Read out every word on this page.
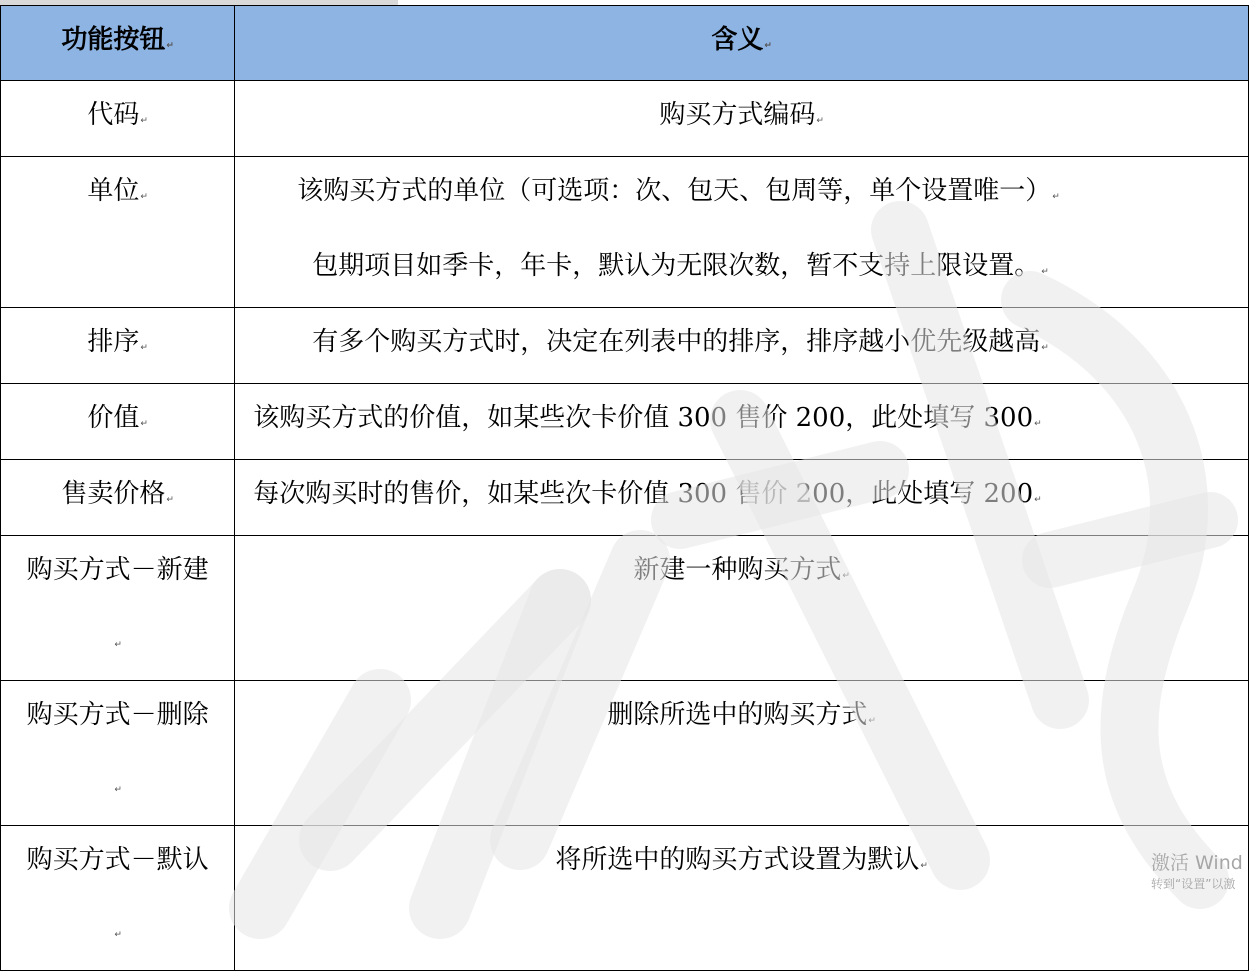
功能按钮↵	含义↵
代码↵	购买方式编码↵
单位↵	该购买方式的单位（可选项：次、包天、包周等，单个设置唯一）↵
包期项目如季卡，年卡，默认为无限次数，暂不支持上限设置。↵

排序↵	有多个购买方式时，决定在列表中的排序，排序越小优先级越高↵

价值↵	该购买方式的价值，如某些次卡价值 300 售价 200，此处填写 300↵
售卖价格↵	每次购买时的售价，如某些次卡价值 300 售价 200，此处填写 200↵
购买方式－新建↵	新建一种购买方式↵
购买方式－删除↵	删除所选中的购买方式↵
购买方式－默认↵	将所选中的购买方式设置为默认↵	激活 Wind
转到“设置”以激
